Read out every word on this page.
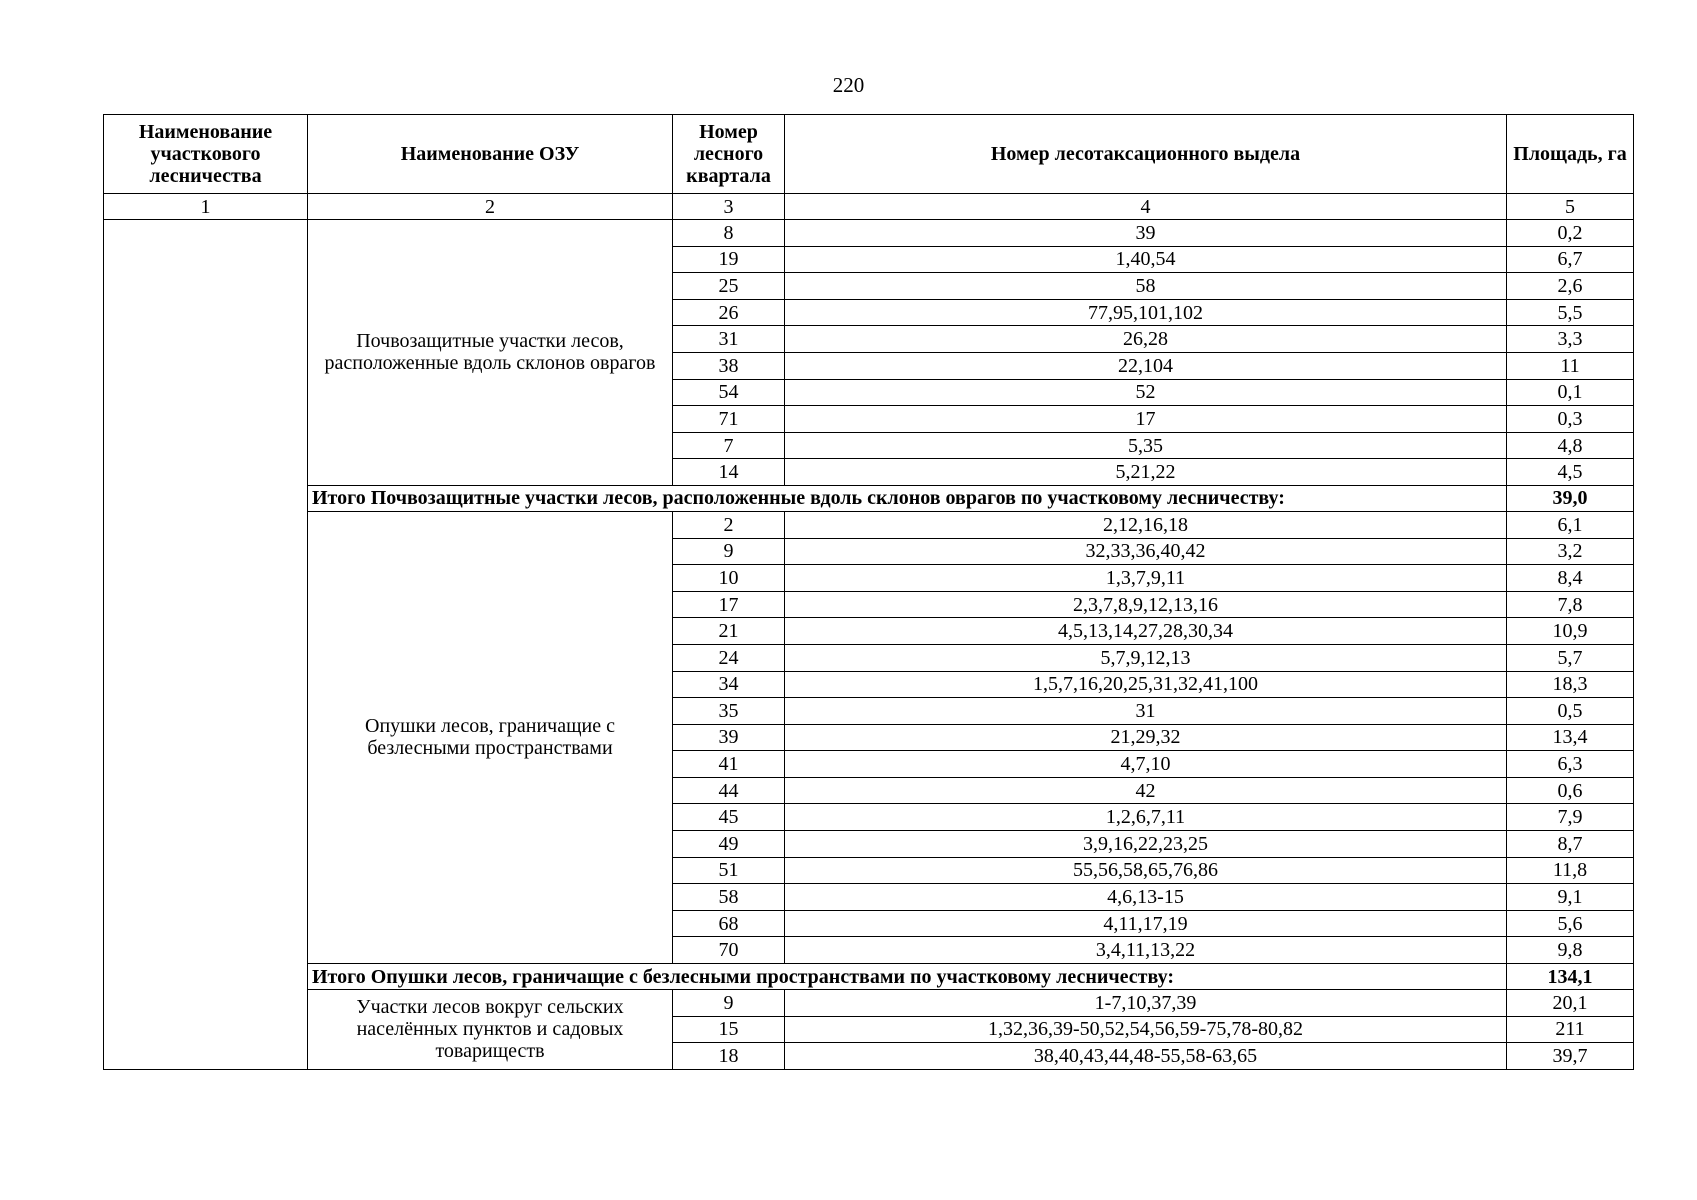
220
Наименование участкового лесничества	Наименование ОЗУ	Номер лесного квартала	Номер лесотаксационного выдела	Площадь, га
1	2	3	4	5
	Почвозащитные участки лесов, расположенные вдоль склонов оврагов	8	39	0,2
		19	1,40,54	6,7
		25	58	2,6
		26	77,95,101,102	5,5
		31	26,28	3,3
		38	22,104	11
		54	52	0,1
		71	17	0,3
		7	5,35	4,8
		14	5,21,22	4,5
	Итого Почвозащитные участки лесов, расположенные вдоль склонов оврагов по участковому лесничеству:			39,0
	Опушки лесов, граничащие с безлесными пространствами	2	2,12,16,18	6,1
		9	32,33,36,40,42	3,2
		10	1,3,7,9,11	8,4
		17	2,3,7,8,9,12,13,16	7,8
		21	4,5,13,14,27,28,30,34	10,9
		24	5,7,9,12,13	5,7
		34	1,5,7,16,20,25,31,32,41,100	18,3
		35	31	0,5
		39	21,29,32	13,4
		41	4,7,10	6,3
		44	42	0,6
		45	1,2,6,7,11	7,9
		49	3,9,16,22,23,25	8,7
		51	55,56,58,65,76,86	11,8
		58	4,6,13-15	9,1
		68	4,11,17,19	5,6
		70	3,4,11,13,22	9,8
	Итого Опушки лесов, граничащие с безлесными пространствами по участковому лесничеству:			134,1
	Участки лесов вокруг сельских населённых пунктов и садовых товариществ	9	1-7,10,37,39	20,1
		15	1,32,36,39-50,52,54,56,59-75,78-80,82	211
		18	38,40,43,44,48-55,58-63,65	39,7
